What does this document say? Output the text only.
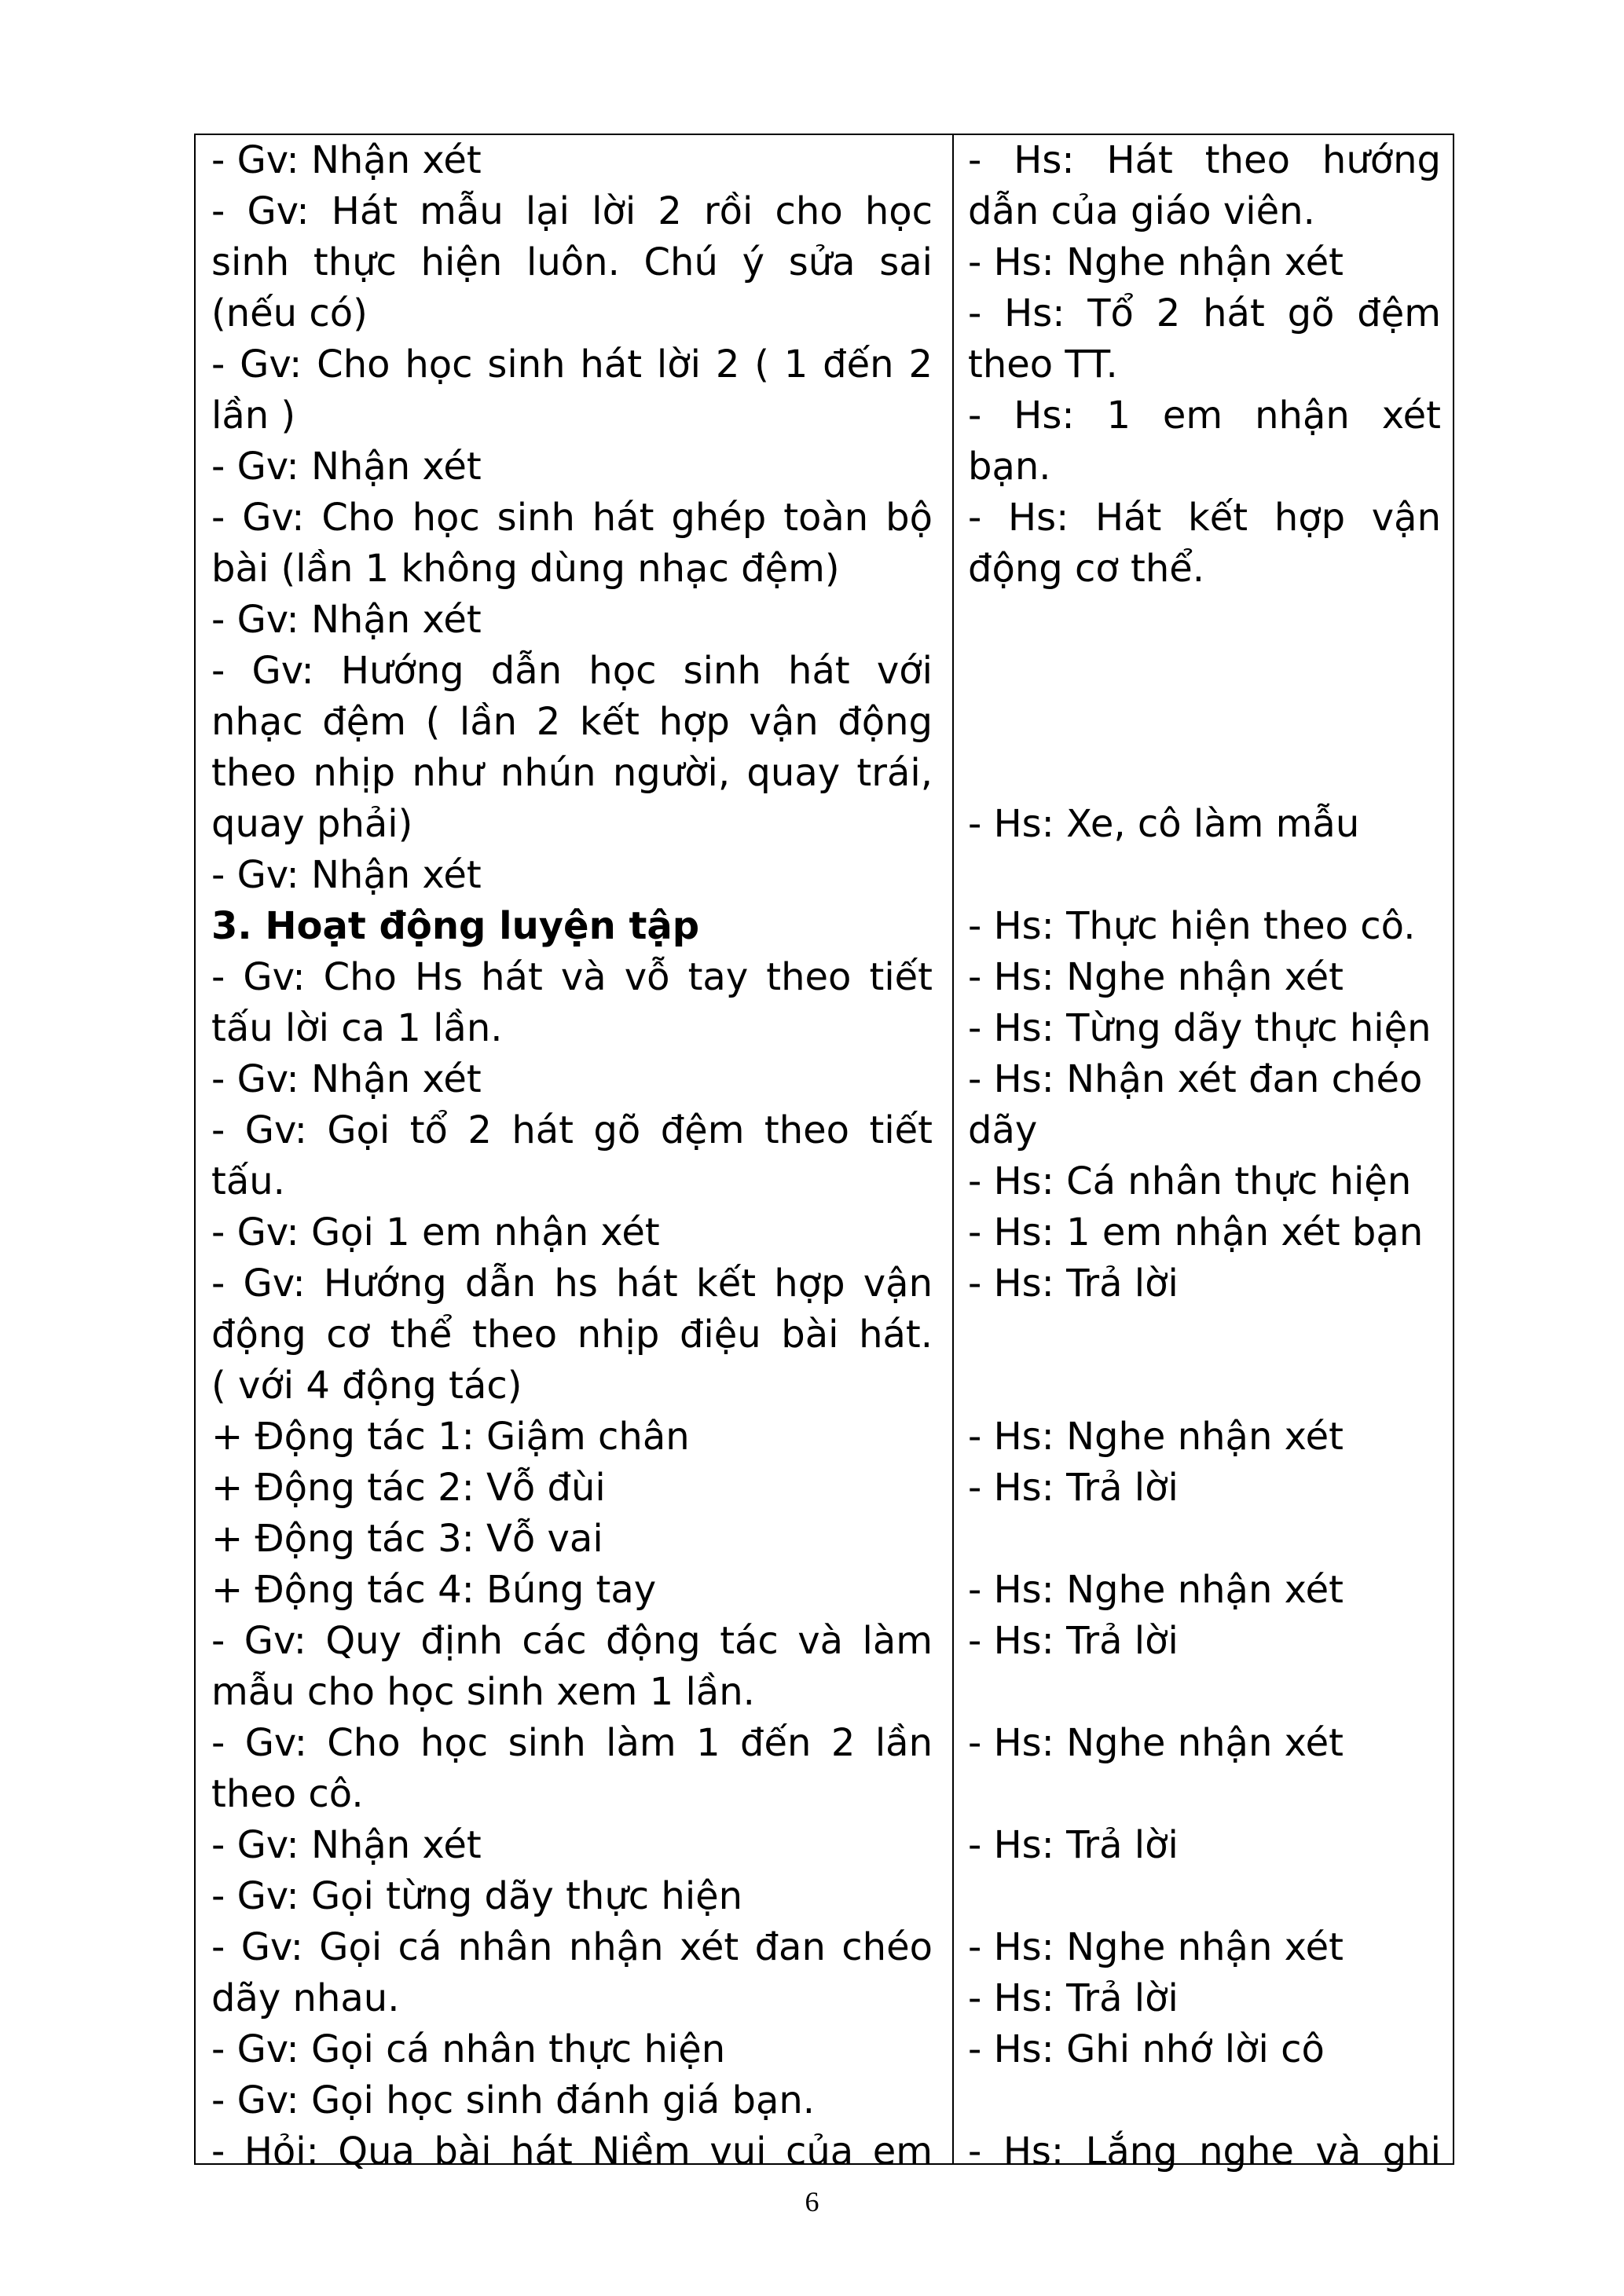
- Gv: Nhận xét
- Gv: Hát mẫu lại lời 2 rồi cho học
sinh thực hiện luôn. Chú ý sửa sai
(nếu có)
- Gv: Cho học sinh hát lời 2 ( 1 đến 2
lần )
- Gv: Nhận xét
- Gv: Cho học sinh hát ghép toàn bộ
bài (lần 1 không dùng nhạc đệm)
- Gv: Nhận xét
- Gv: Hướng dẫn học sinh hát với
nhạc đệm ( lần 2 kết hợp vận động
theo nhịp như nhún người, quay trái,
quay phải)
- Gv: Nhận xét
3. Hoạt động luyện tập
- Gv: Cho Hs hát và vỗ tay theo tiết
tấu lời ca 1 lần.
- Gv: Nhận xét
- Gv: Gọi tổ 2 hát gõ đệm theo tiết
tấu.
- Gv: Gọi 1 em nhận xét
- Gv: Hướng dẫn hs hát kết hợp vận
động cơ thể theo nhịp điệu bài hát.
( với 4 động tác)
+ Động tác 1: Giậm chân
+ Động tác 2: Vỗ đùi
+ Động tác 3: Vỗ vai
+ Động tác 4: Búng tay
- Gv: Quy định các động tác và làm
mẫu cho học sinh xem 1 lần.
- Gv: Cho học sinh làm 1 đến 2 lần
theo cô.
- Gv: Nhận xét
- Gv: Gọi từng dãy thực hiện
- Gv: Gọi cá nhân nhận xét đan chéo
dãy nhau.
- Gv: Gọi cá nhân thực hiện
- Gv: Gọi học sinh đánh giá bạn.
- Hỏi: Qua bài hát Niềm vui của em
- Hs: Hát theo hướng
dẫn của giáo viên.
- Hs: Nghe nhận xét
- Hs: Tổ 2 hát gõ đệm
theo TT.
- Hs: 1 em nhận xét
bạn.
- Hs: Hát kết hợp vận
động cơ thể.
- Hs: Xe, cô làm mẫu
- Hs: Thực hiện theo cô.
- Hs: Nghe nhận xét
- Hs: Từng dãy thực hiện
- Hs: Nhận xét đan chéo
dãy
- Hs: Cá nhân thực hiện
- Hs: 1 em nhận xét bạn
- Hs: Trả lời
- Hs: Nghe nhận xét
- Hs: Trả lời
- Hs: Nghe nhận xét
- Hs: Trả lời
- Hs: Nghe nhận xét
- Hs: Trả lời
- Hs: Nghe nhận xét
- Hs: Trả lời
- Hs: Ghi nhớ lời cô
- Hs: Lắng nghe và ghi
6
